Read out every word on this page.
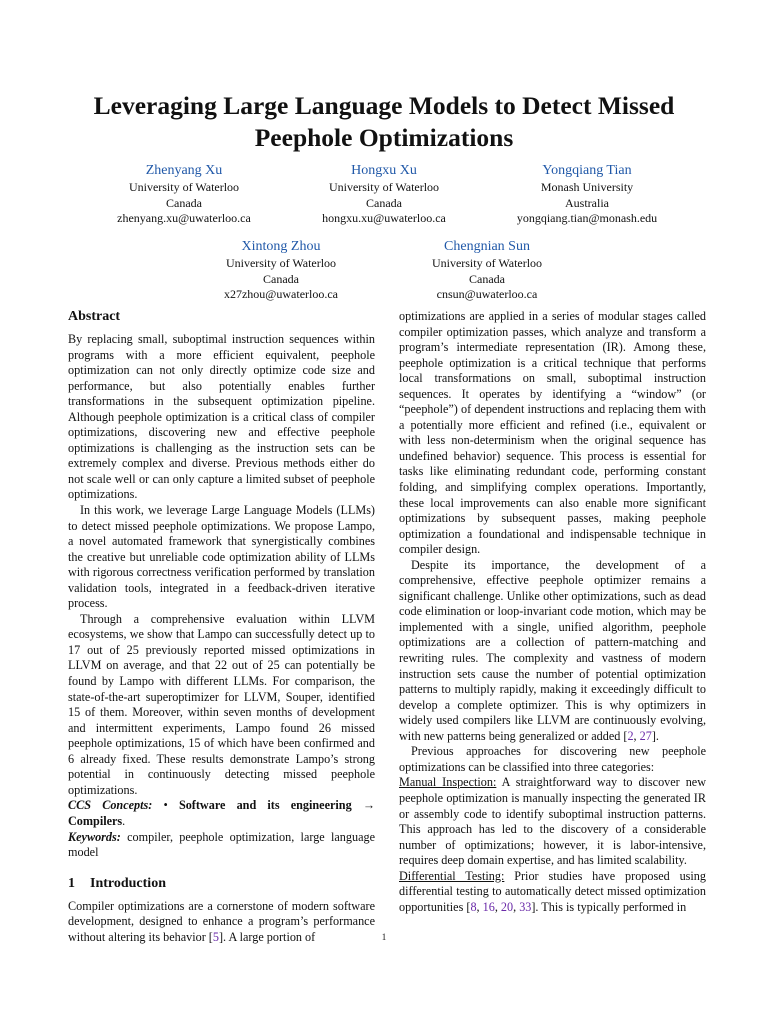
Leveraging Large Language Models to Detect Missed
Peephole Optimizations
Zhenyang Xu
University of Waterloo
Canada
zhenyang.xu@uwaterloo.ca
Hongxu Xu
University of Waterloo
Canada
hongxu.xu@uwaterloo.ca
Yongqiang Tian
Monash University
Australia
yongqiang.tian@monash.edu
Xintong Zhou
University of Waterloo
Canada
x27zhou@uwaterloo.ca
Chengnian Sun
University of Waterloo
Canada
cnsun@uwaterloo.ca
Abstract

By replacing small, suboptimal instruction sequences within programs with a more efficient equivalent, peephole optimization can not only directly optimize code size and performance, but also potentially enables further transformations in the subsequent optimization pipeline. Although peephole optimization is a critical class of compiler optimizations, discovering new and effective peephole optimizations is challenging as the instruction sets can be extremely complex and diverse. Previous methods either do not scale well or can only capture a limited subset of peephole optimizations.

In this work, we leverage Large Language Models (LLMs) to detect missed peephole optimizations. We propose Lampo, a novel automated framework that synergistically combines the creative but unreliable code optimization ability of LLMs with rigorous correctness verification performed by translation validation tools, integrated in a feedback-driven iterative process.

Through a comprehensive evaluation within LLVM ecosystems, we show that Lampo can successfully detect up to 17 out of 25 previously reported missed optimizations in LLVM on average, and that 22 out of 25 can potentially be found by Lampo with different LLMs. For comparison, the state-of-the-art superoptimizer for LLVM, Souper, identified 15 of them. Moreover, within seven months of development and intermittent experiments, Lampo found 26 missed peephole optimizations, 15 of which have been confirmed and 6 already fixed. These results demonstrate Lampo’s strong potential in continuously detecting missed peephole optimizations.

CCS Concepts: • Software and its engineering → Compilers.

Keywords: compiler, peephole optimization, large language model

1 Introduction

Compiler optimizations are a cornerstone of modern software development, designed to enhance a program’s performance without altering its behavior [5]. A large portion of

optimizations are applied in a series of modular stages called compiler optimization passes, which analyze and transform a program’s intermediate representation (IR). Among these, peephole optimization is a critical technique that performs local transformations on small, suboptimal instruction sequences. It operates by identifying a “window” (or “peephole”) of dependent instructions and replacing them with a potentially more efficient and refined (i.e., equivalent or with less non-determinism when the original sequence has undefined behavior) sequence. This process is essential for tasks like eliminating redundant code, performing constant folding, and simplifying complex operations. Importantly, these local improvements can also enable more significant optimizations by subsequent passes, making peephole optimization a foundational and indispensable technique in compiler design.

Despite its importance, the development of a comprehensive, effective peephole optimizer remains a significant challenge. Unlike other optimizations, such as dead code elimination or loop-invariant code motion, which may be implemented with a single, unified algorithm, peephole optimizations are a collection of pattern-matching and rewriting rules. The complexity and vastness of modern instruction sets cause the number of potential optimization patterns to multiply rapidly, making it exceedingly difficult to develop a complete optimizer. This is why optimizers in widely used compilers like LLVM are continuously evolving, with new patterns being generalized or added [2, 27].

Previous approaches for discovering new peephole optimizations can be classified into three categories:

Manual Inspection: A straightforward way to discover new peephole optimization is manually inspecting the generated IR or assembly code to identify suboptimal instruction patterns. This approach has led to the discovery of a considerable number of optimizations; however, it is labor-intensive, requires deep domain expertise, and has limited scalability.

Differential Testing: Prior studies have proposed using differential testing to automatically detect missed optimization opportunities [8, 16, 20, 33]. This is typically performed in

1
